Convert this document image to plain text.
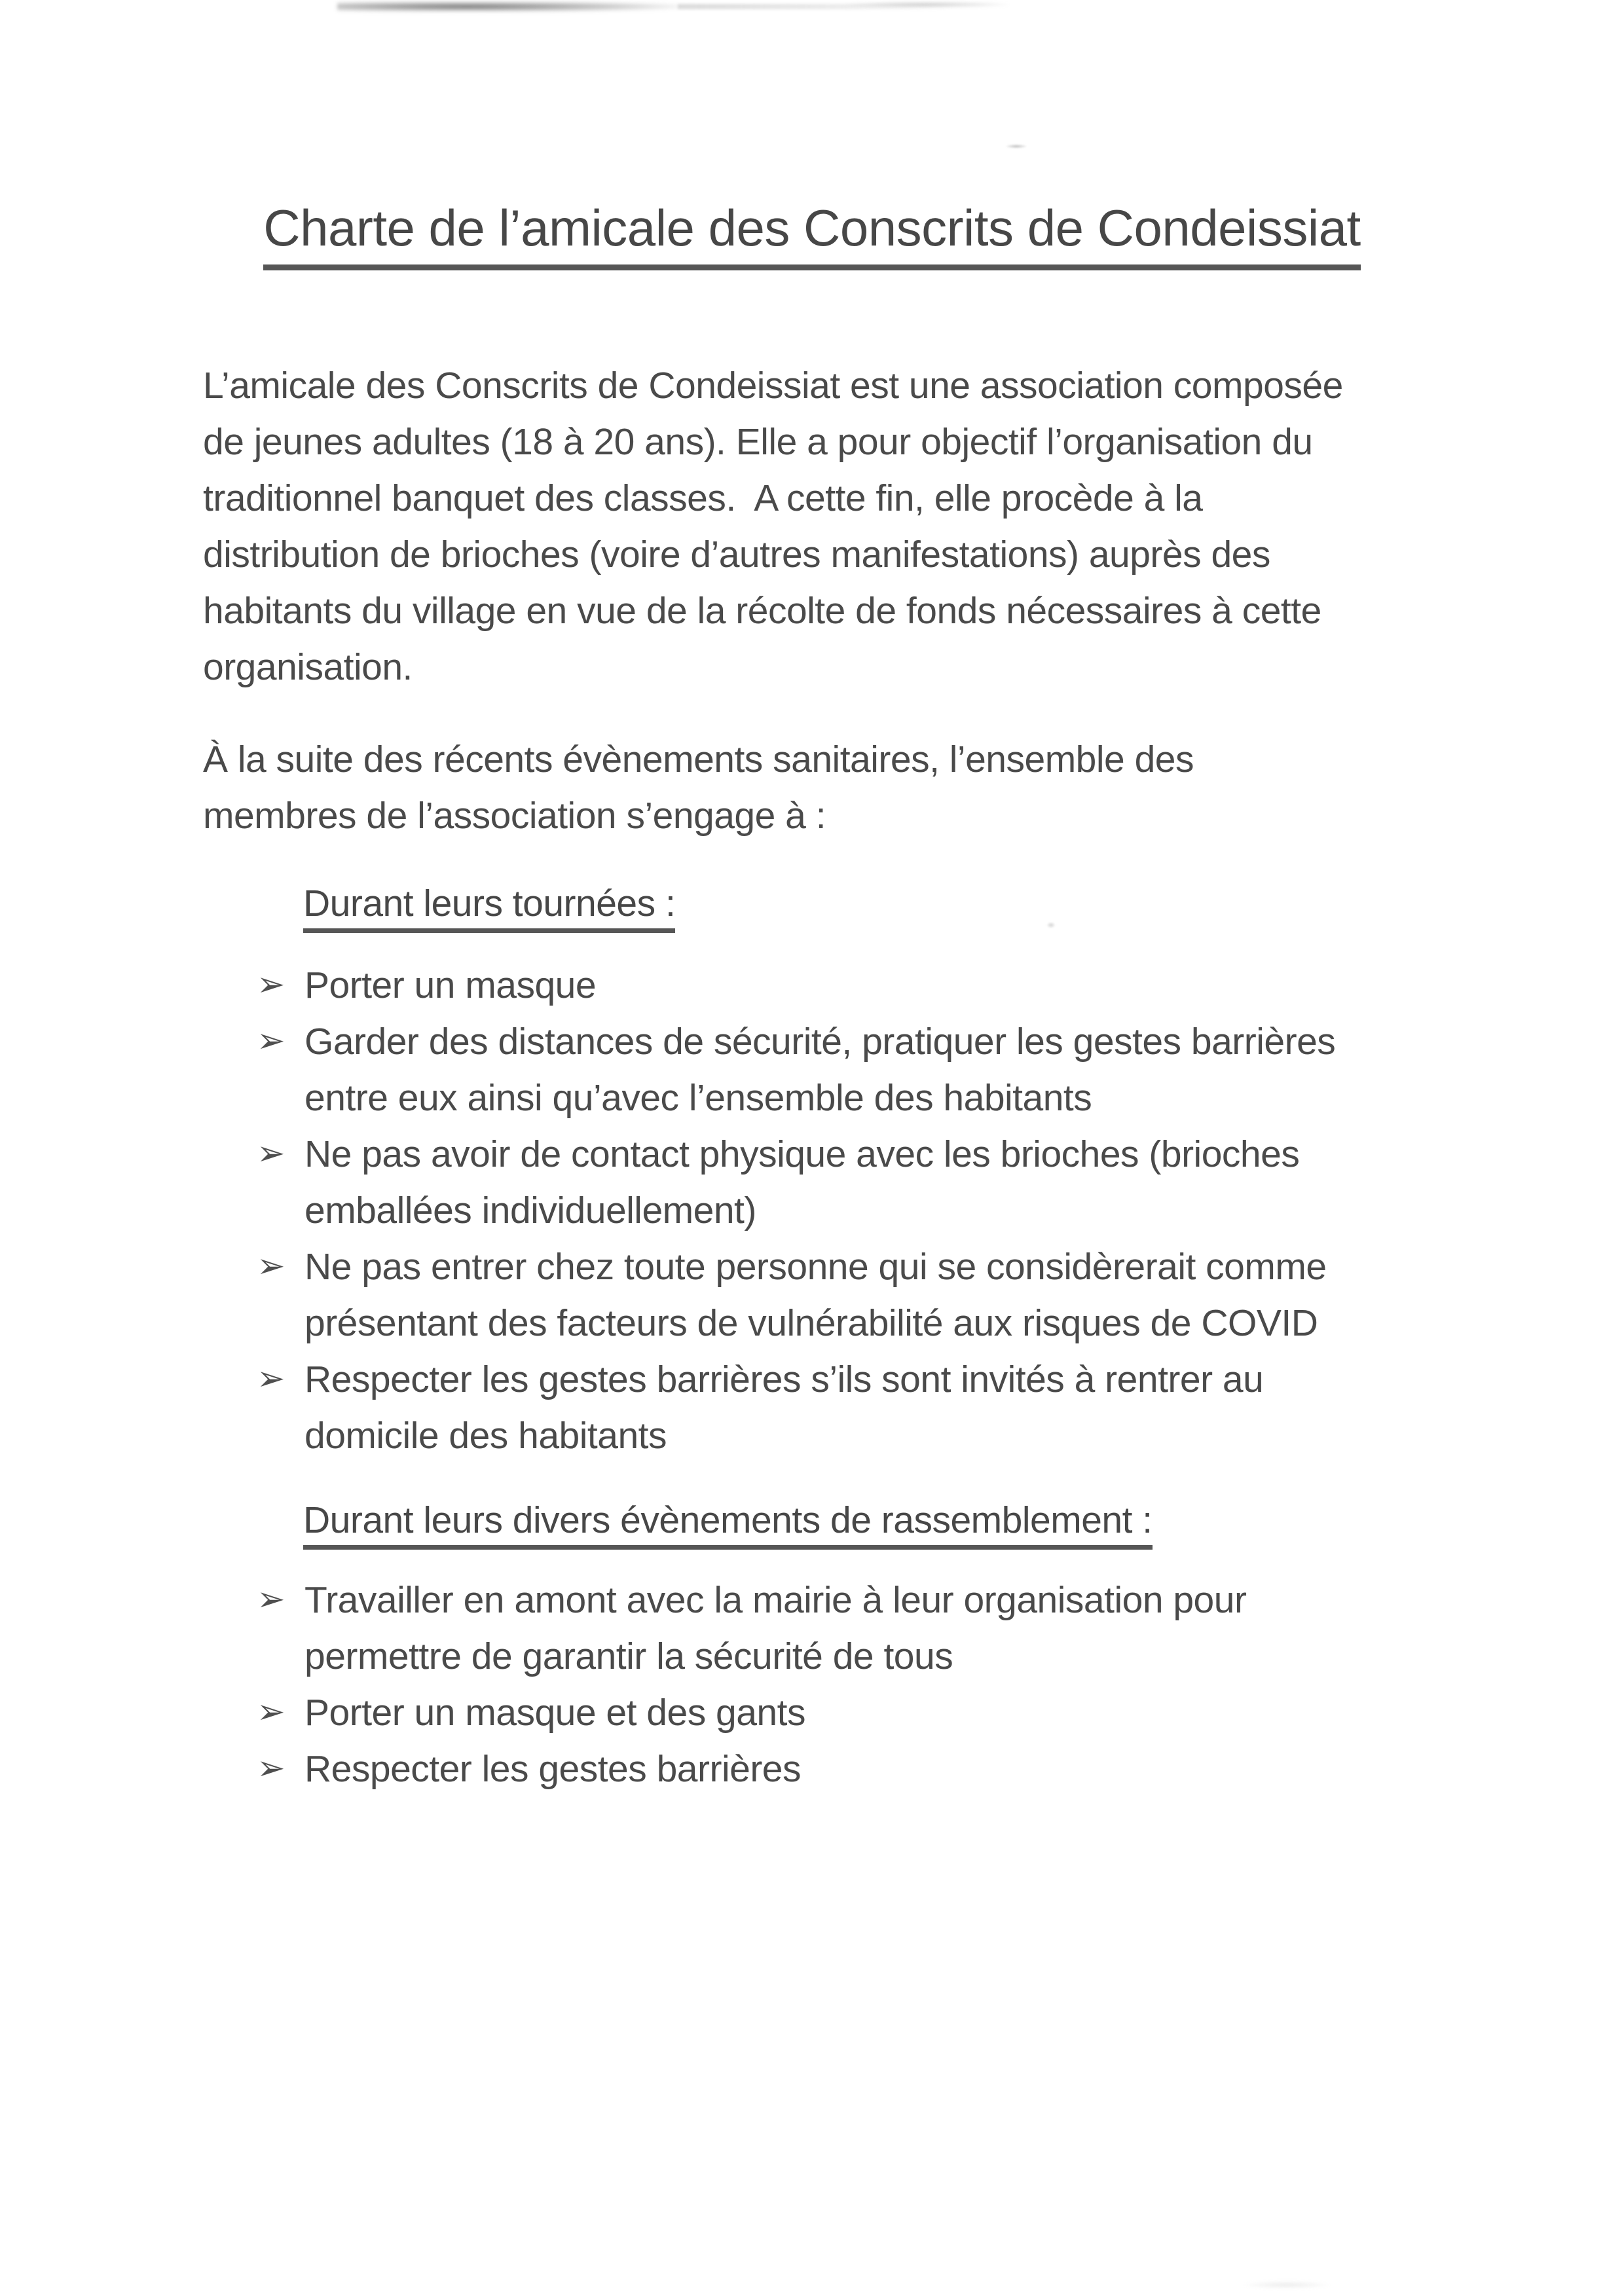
Charte de l’amicale des Conscrits de Condeissiat
L’amicale des Conscrits de Condeissiat est une association composée
de jeunes adultes (18 à 20 ans). Elle a pour objectif l’organisation du
traditionnel banquet des classes.  A cette fin, elle procède à la
distribution de brioches (voire d’autres manifestations) auprès des
habitants du village en vue de la récolte de fonds nécessaires à cette
organisation.
À la suite des récents évènements sanitaires, l’ensemble des
membres de l’association s’engage à :
Durant leurs tournées :
➢ Porter un masque
➢ Garder des distances de sécurité, pratiquer les gestes barrières
entre eux ainsi qu’avec l’ensemble des habitants
➢ Ne pas avoir de contact physique avec les brioches (brioches
emballées individuellement)
➢ Ne pas entrer chez toute personne qui se considèrerait comme
présentant des facteurs de vulnérabilité aux risques de COVID
➢ Respecter les gestes barrières s’ils sont invités à rentrer au
domicile des habitants
Durant leurs divers évènements de rassemblement :
➢ Travailler en amont avec la mairie à leur organisation pour
permettre de garantir la sécurité de tous
➢ Porter un masque et des gants
➢ Respecter les gestes barrières
